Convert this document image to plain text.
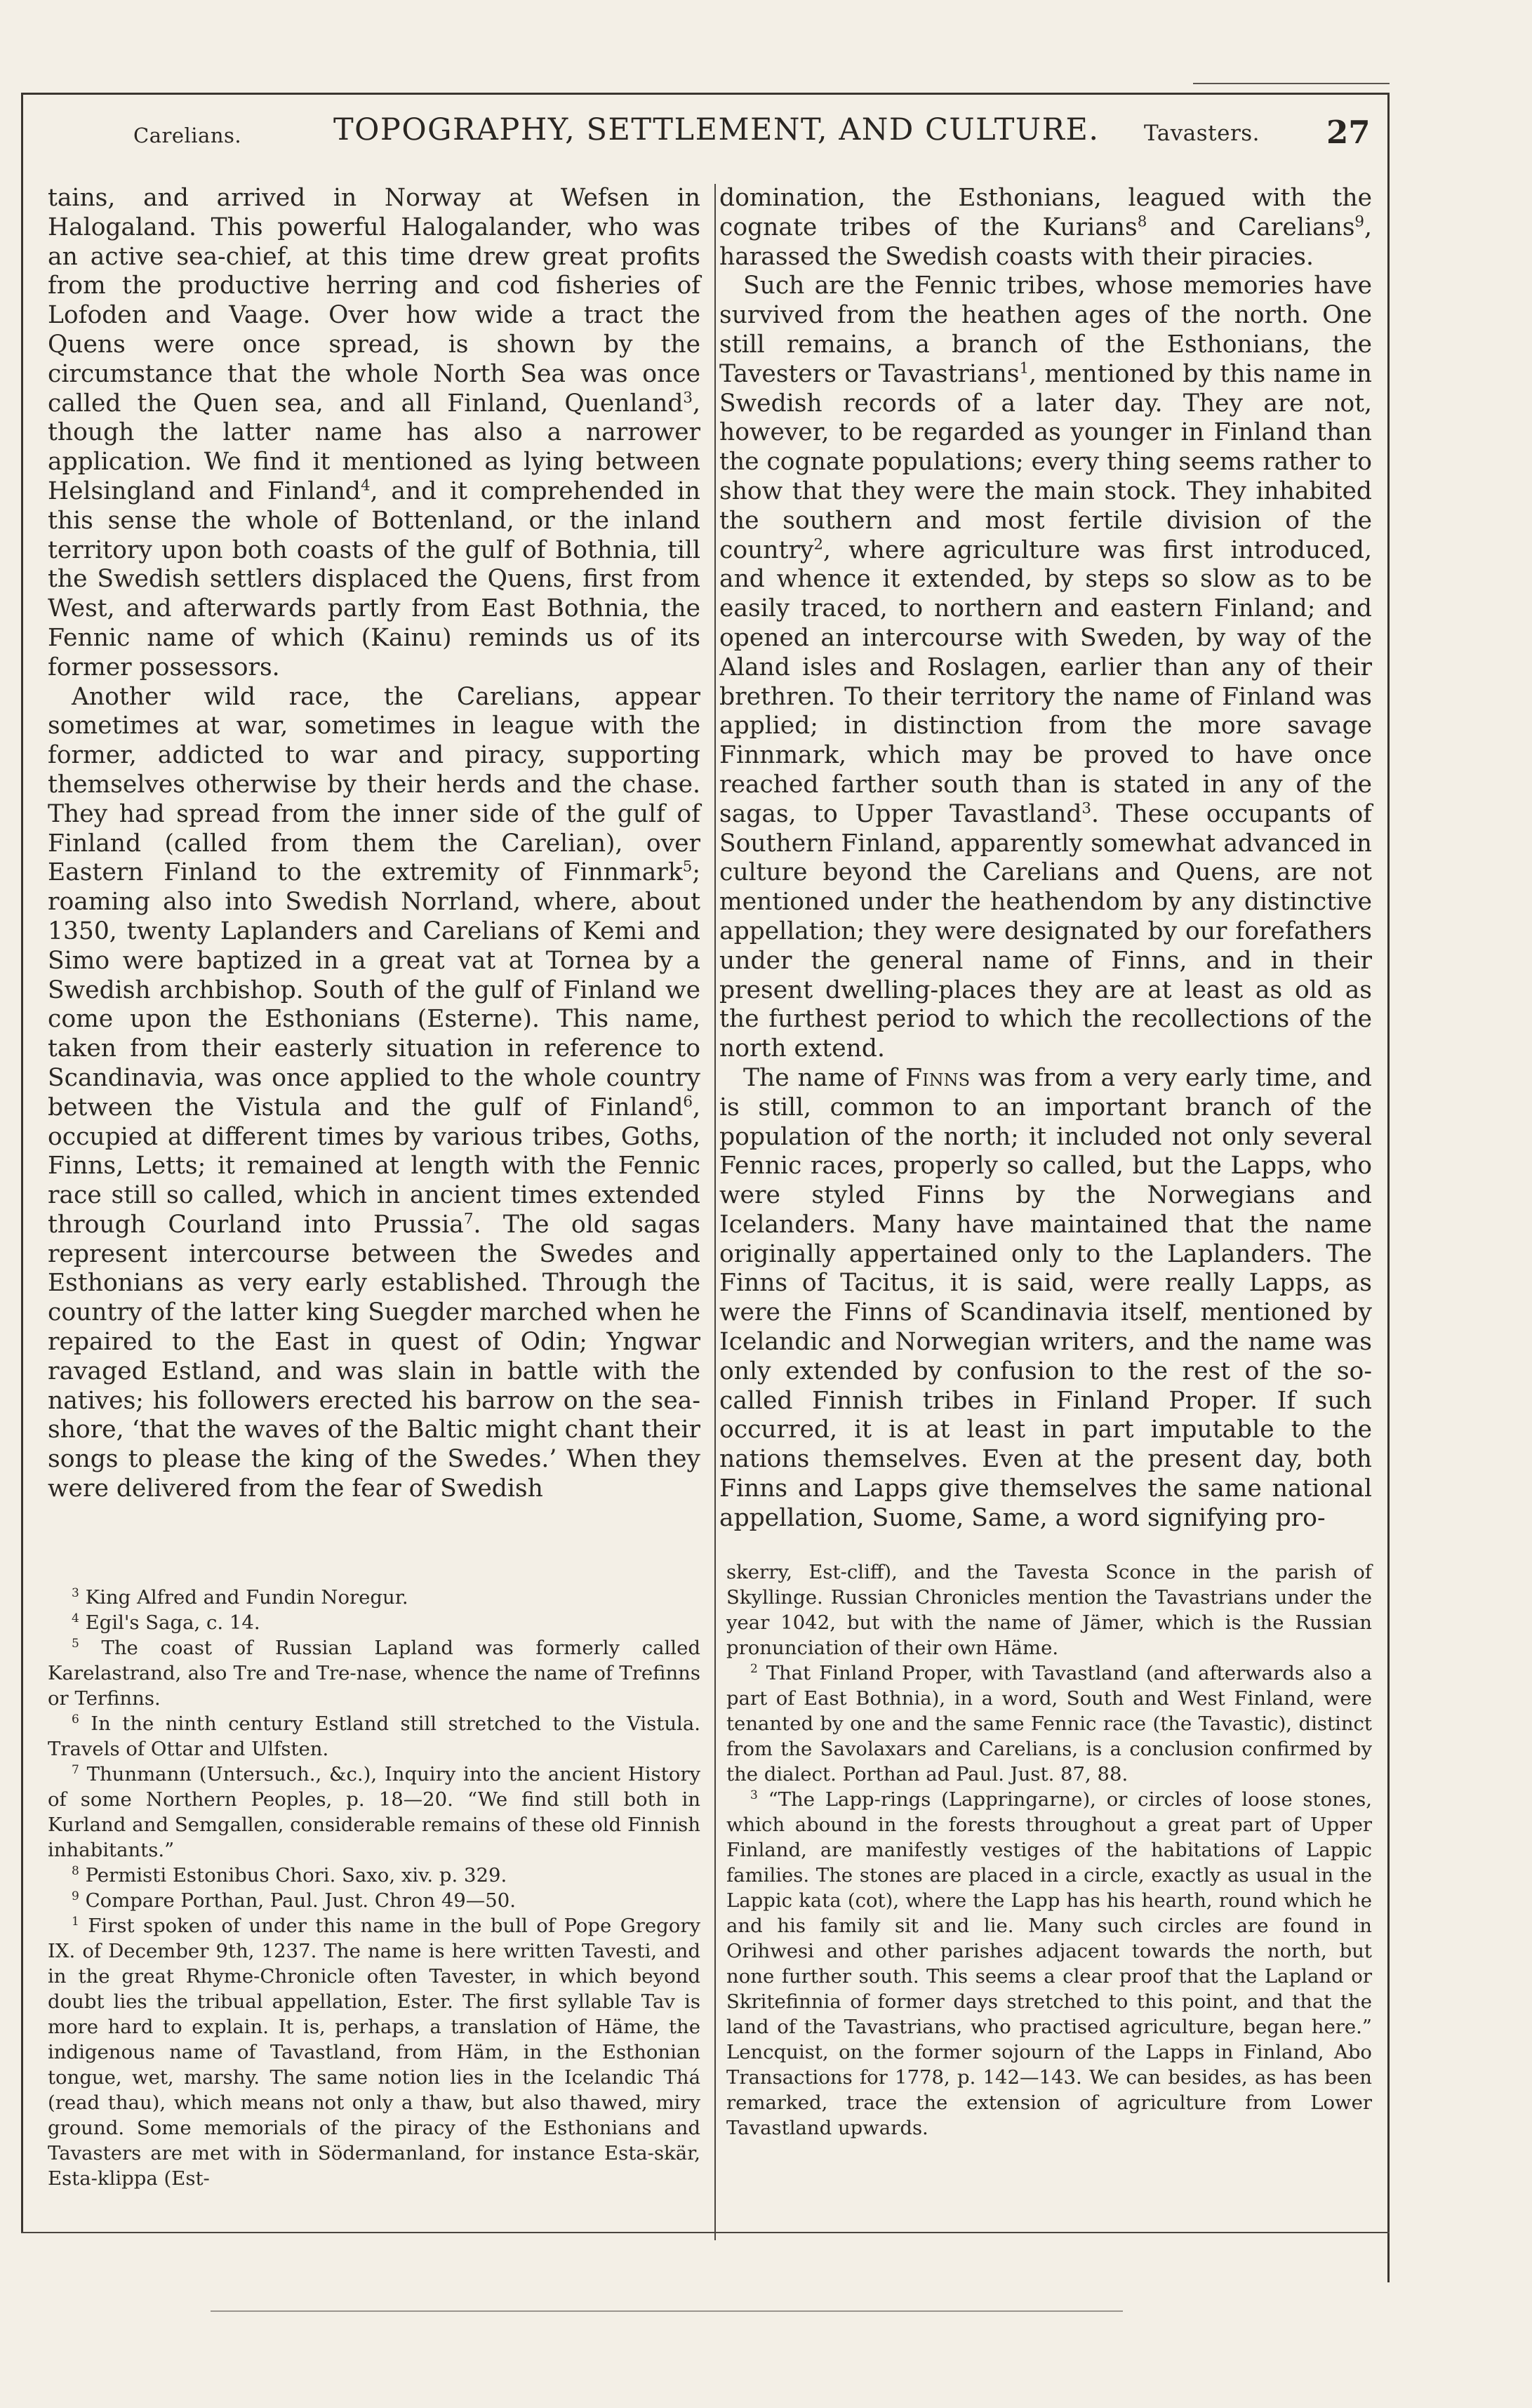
Carelians.	TOPOGRAPHY, SETTLEMENT, AND CULTURE. Tavasters. 27

tains, and arrived in Norway at Wefsen in Halogaland. This powerful Halogalander, who was an active sea-chief, at this time drew great profits from the productive herring and cod fisheries of Lofoden and Vaage. Over how wide a tract the Quens were once spread, is shown by the circumstance that the whole North Sea was once called the Quen sea, and all Finland, Quenland$^3$, though the latter name has also a narrower application. We find it mentioned as lying between Helsingland and Finland$^4$, and it comprehended in this sense the whole of Bottenland, or the inland territory upon both coasts of the gulf of Bothnia, till the Swedish settlers displaced the Quens, first from West, and afterwards partly from East Bothnia, the Fennic name of which (Kainu) reminds us of its former possessors.

Another wild race, the Carelians, appear sometimes at war, sometimes in league with the former, addicted to war and piracy, supporting themselves otherwise by their herds and the chase. They had spread from the inner side of the gulf of Finland (called from them the Carelian), over Eastern Finland to the extremity of Finnmark$^5$; roaming also into Swedish Norrland, where, about 1350, twenty Laplanders and Carelians of Kemi and Simo were baptized in a great vat at Tornea by a Swedish archbishop. South of the gulf of Finland we come upon the Esthonians (Esterne). This name, taken from their easterly situation in reference to Scandinavia, was once applied to the whole country between the Vistula and the gulf of Finland$^6$, occupied at different times by various tribes, Goths, Finns, Letts; it remained at length with the Fennic race still so called, which in ancient times extended through Courland into Prussia$^7$. The old sagas represent intercourse between the Swedes and Esthonians as very early established. Through the country of the latter king Suegder marched when he repaired to the East in quest of Odin; Yngwar ravaged Estland, and was slain in battle with the natives; his followers erected his barrow on the sea-shore, ‘that the waves of the Baltic might chant their songs to please the king of the Swedes.’ When they were delivered from the fear of Swedish

domination, the Esthonians, leagued with the cognate tribes of the Kurians$^8$ and Carelians$^9$, harassed the Swedish coasts with their piracies.

Such are the Fennic tribes, whose memories have survived from the heathen ages of the north. One still remains, a branch of the Esthonians, the Tavesters or Tavastrians$^1$, mentioned by this name in Swedish records of a later day. They are not, however, to be regarded as younger in Finland than the cognate populations; every thing seems rather to show that they were the main stock. They inhabited the southern and most fertile division of the country$^2$, where agriculture was first introduced, and whence it extended, by steps so slow as to be easily traced, to northern and eastern Finland; and opened an intercourse with Sweden, by way of the Aland isles and Roslagen, earlier than any of their brethren. To their territory the name of Finland was applied; in distinction from the more savage Finnmark, which may be proved to have once reached farther south than is stated in any of the sagas, to Upper Tavastland$^3$. These occupants of Southern Finland, apparently somewhat advanced in culture beyond the Carelians and Quens, are not mentioned under the heathendom by any distinctive appellation; they were designated by our forefathers under the general name of Finns, and in their present dwelling-places they are at least as old as the furthest period to which the recollections of the north extend.

The name of Finns was from a very early time, and is still, common to an important branch of the population of the north; it included not only several Fennic races, properly so called, but the Lapps, who were styled Finns by the Norwegians and Icelanders. Many have maintained that the name originally appertained only to the Laplanders. The Finns of Tacitus, it is said, were really Lapps, as were the Finns of Scandinavia itself, mentioned by Icelandic and Norwegian writers, and the name was only extended by confusion to the rest of the so-called Finnish tribes in Finland Proper. If such occurred, it is at least in part imputable to the nations themselves. Even at the present day, both Finns and Lapps give themselves the same national appellation, Suome, Same, a word signifying pro-

$^3$ King Alfred and Fundin Noregur.

$^4$ Egil's Saga, c. 14.

$^5$ The coast of Russian Lapland was formerly called Karelastrand, also Tre and Tre-nase, whence the name of Trefinns or Terfinns.

$^6$ In the ninth century Estland still stretched to the Vistula. Travels of Ottar and Ulfsten.

$^7$ Thunmann (Untersuch., &c.), Inquiry into the ancient History of some Northern Peoples, p. 18—20. “We find still both in Kurland and Semgallen, considerable remains of these old Finnish inhabitants.”

$^8$ Permisti Estonibus Chori. Saxo, xiv. p. 329.

$^9$ Compare Porthan, Paul. Just. Chron 49—50.

$^1$ First spoken of under this name in the bull of Pope Gregory IX. of December 9th, 1237. The name is here written Tavesti, and in the great Rhyme-Chronicle often Tavester, in which beyond doubt lies the tribual appellation, Ester. The first syllable Tav is more hard to explain. It is, perhaps, a translation of Häme, the indigenous name of Tavastland, from Häm, in the Esthonian tongue, wet, marshy. The same notion lies in the Icelandic Thá (read thau), which means not only a thaw, but also thawed, miry ground. Some memorials of the piracy of the Esthonians and Tavasters are met with in Södermanland, for instance Esta-skär, Esta-klippa (Est-

skerry, Est-cliff), and the Tavesta Sconce in the parish of Skyllinge. Russian Chronicles mention the Tavastrians under the year 1042, but with the name of Jämer, which is the Russian pronunciation of their own Häme.

$^2$ That Finland Proper, with Tavastland (and afterwards also a part of East Bothnia), in a word, South and West Finland, were tenanted by one and the same Fennic race (the Tavastic), distinct from the Savolaxars and Carelians, is a conclusion confirmed by the dialect. Porthan ad Paul. Just. 87, 88.

$^3$ “The Lapp-rings (Lappringarne), or circles of loose stones, which abound in the forests throughout a great part of Upper Finland, are manifestly vestiges of the habitations of Lappic families. The stones are placed in a circle, exactly as usual in the Lappic kata (cot), where the Lapp has his hearth, round which he and his family sit and lie. Many such circles are found in Orihwesi and other parishes adjacent towards the north, but none further south. This seems a clear proof that the Lapland or Skritefinnia of former days stretched to this point, and that the land of the Tavastrians, who practised agriculture, began here.” Lencquist, on the former sojourn of the Lapps in Finland, Abo Transactions for 1778, p. 142—143. We can besides, as has been remarked, trace the extension of agriculture from Lower Tavastland upwards.
